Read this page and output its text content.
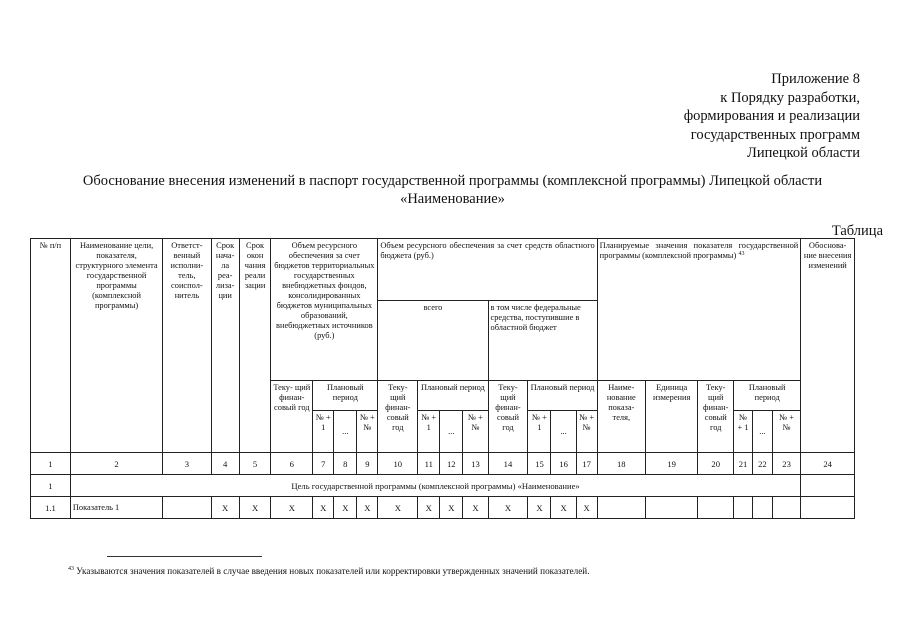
Приложение 8
к Порядку разработки,
формирования и реализации
государственных программ
Липецкой области
Обоснование внесения изменений в паспорт государственной программы (комплексной программы) Липецкой области
«Наименование»
Таблица
№ п/п	Наименование цели, показателя, структурного элемента государственной программы (комплексной программы)	Ответст- венный исполни- тель, соиспол- нитель	Срок нача- ла реа- лиза- ции	Срок окон чания реали зации	Объем ресурсного обеспечения за счет бюджетов территориальных государственных внебюджетных фондов, консолидированных бюджетов муниципальных образований, внебюджетных источников (руб.)				Объем ресурсного обеспечения за счет средств областного бюджета (руб.)								Планируемые значения показателя государственной программы (комплексной программы) $^{43}$						Обоснова- ние внесения изменений
									всего				в том числе федеральные средства, поступившие в областной бюджет										
					Теку- щий финан- совый год	Плановый период			Теку- щий финан- совый год	Плановый период			Теку- щий финан- совый год	Плановый период			Наиме- нование показа- теля,	Единица измерения	Теку- щий финан- совый год	Плановый период			
						№ + 1	...	№ + №		№ + 1	...	№ + №		№ + 1	...	№ + №				№ + 1	...	№ + №	
1	2	3	4	5	6	7	8	9	10	11	12	13	14	15	16	17	18	19	20	21	22	23	24
1	Цель государственной программы (комплексной программы) «Наименование»																						
1.1	Показатель 1		Х	Х	Х	Х	Х	Х	Х	Х	Х	Х	Х	Х	Х	Х							
$^{43}$ Указываются значения показателей в случае введения новых показателей или корректировки утвержденных значений показателей.
